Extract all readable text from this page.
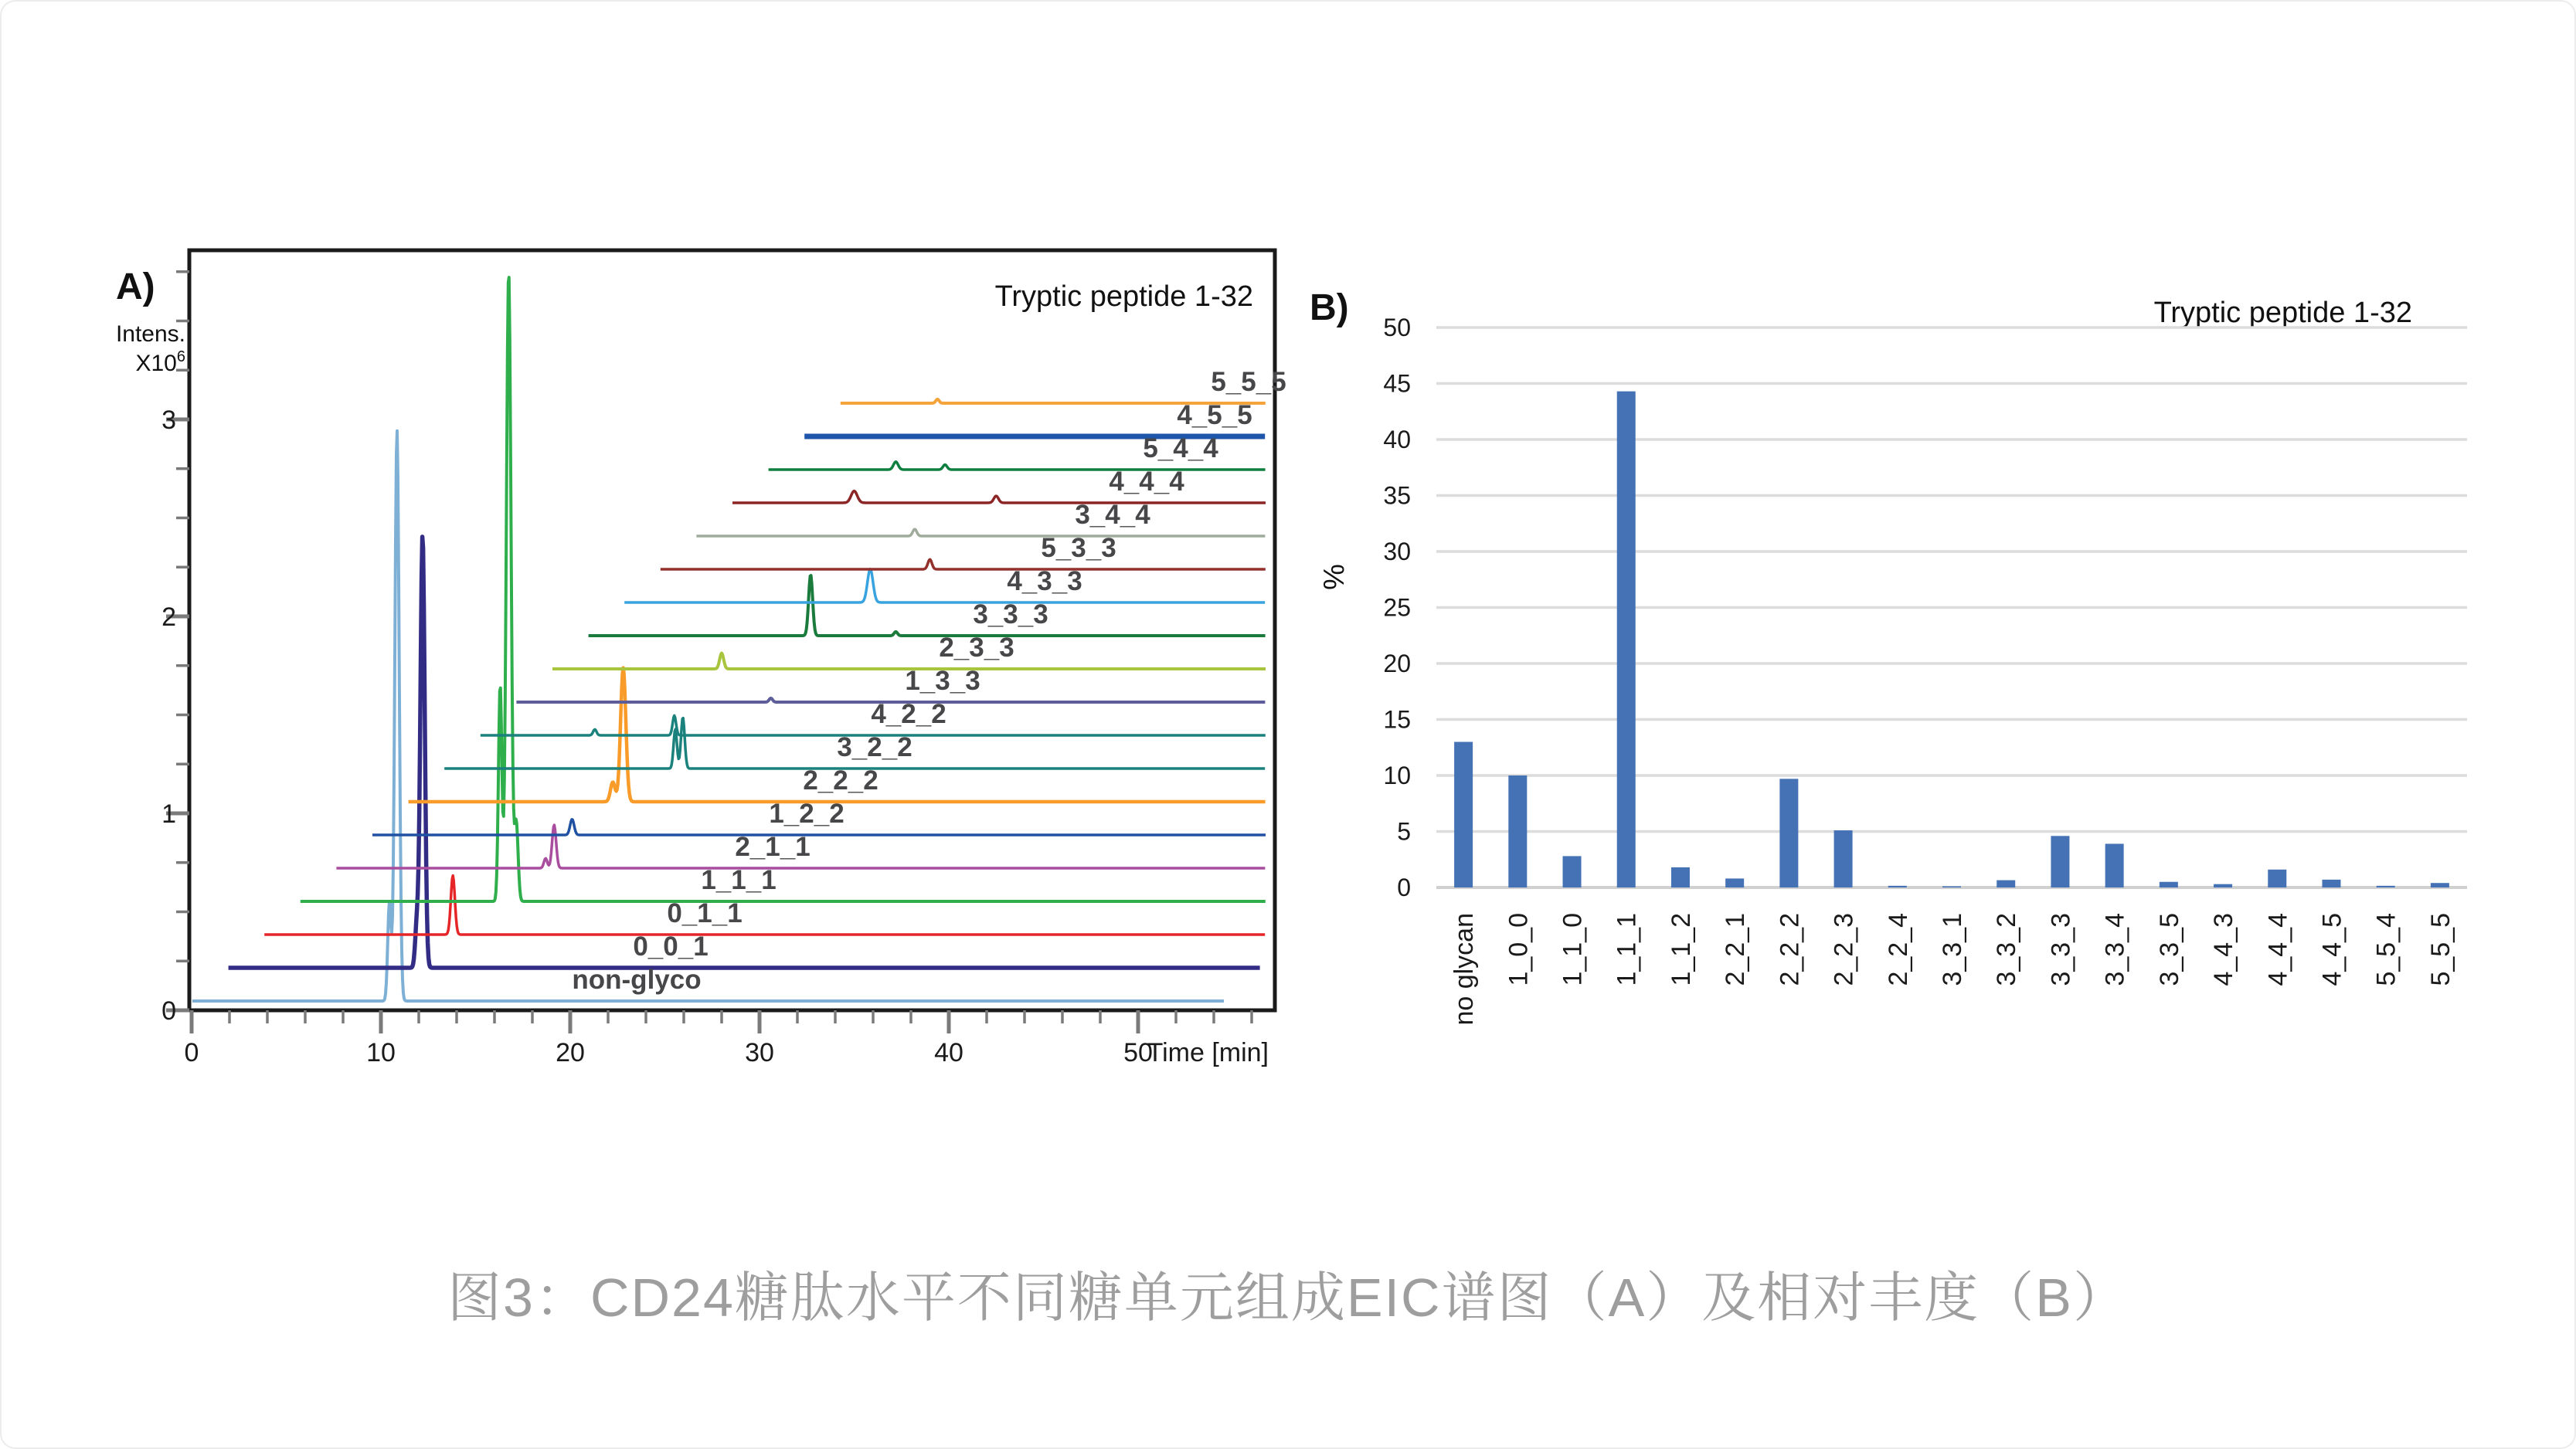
A)	Tryptic peptide 1-32
Intens.
$X10^6$
Time [min]
0
1
2
3
0	10	20	30	40	50
non-glyco
0_0_1
0_1_1
1_1_1
2_1_1
1_2_2
2_2_2
3_2_2
4_2_2
1_3_3
2_3_3
3_3_3
4_3_3
5_3_3
3_4_4
4_4_4
5_4_4
4_5_5
5_5_5
B)	Tryptic peptide 1-32
%
0
5
10
15
20
25
30
35
40
45
50
no glycan 1_0_0 1_1_0 1_1_1 1_1_2 2_2_1 2_2_2 2_2_3 2_2_4 3_3_1 3_3_2 3_3_3 3_3_4 3_3_5 4_4_3 4_4_4 4_4_5 5_5_4 5_5_5
图3：CD24糖肽水平不同糖单元组成EIC谱图（A）及相对丰度（B）
